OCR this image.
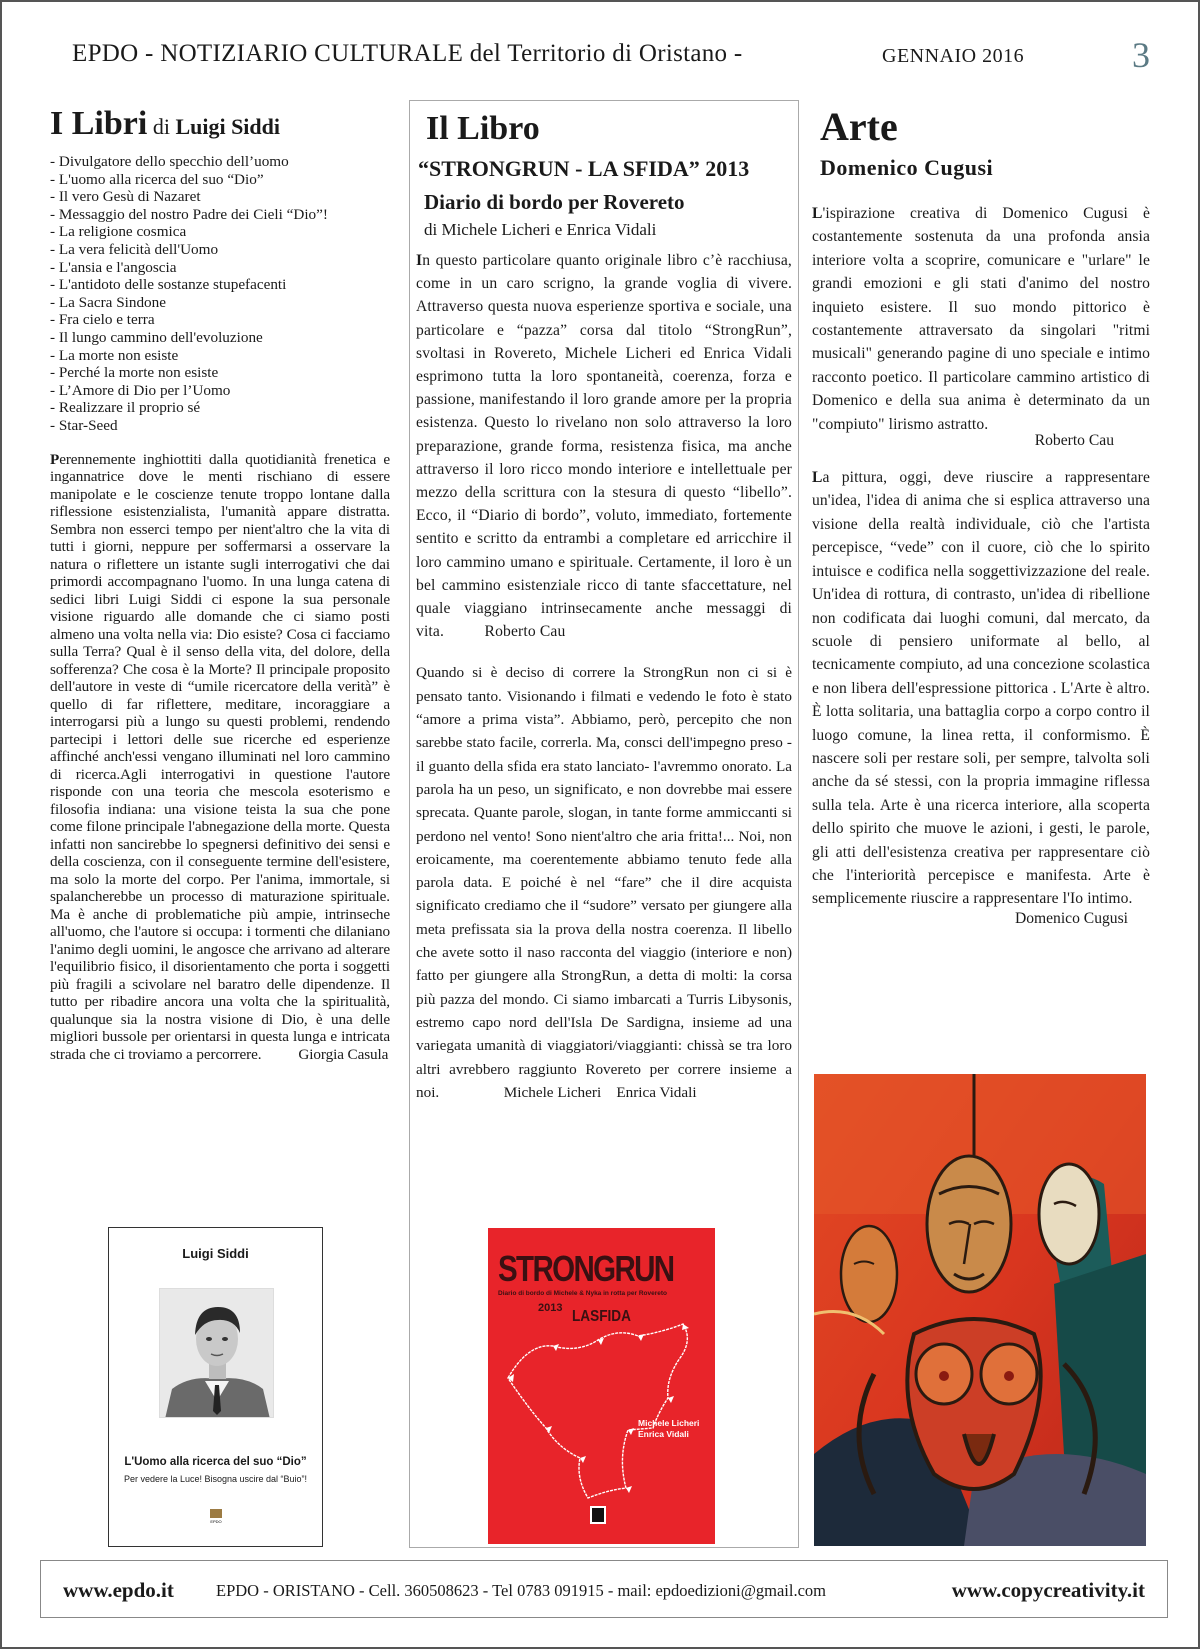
EPDO - NOTIZIARIO CULTURALE del Territorio di Oristano -	GENNAIO 2016	3
I Libri di Luigi Siddi
- Divulgatore dello specchio dell’uomo
- L'uomo alla ricerca del suo “Dio”
- Il vero Gesù di Nazaret
- Messaggio del nostro Padre dei Cieli “Dio”!
- La religione cosmica
- La vera felicità dell'Uomo
- L'ansia e l'angoscia
- L'antidoto delle sostanze stupefacenti
- La Sacra Sindone
- Fra cielo e terra
- Il lungo cammino dell'evoluzione
- La morte non esiste
- Perché la morte non esiste
- L’Amore di Dio per l’Uomo
- Realizzare il proprio sé
- Star-Seed

Perennemente inghiottiti dalla quotidianità frenetica e ingannatrice dove le menti rischiano di essere manipolate e le coscienze tenute troppo lontane dalla riflessione esistenzialista, l'umanità appare distratta. Sembra non esserci tempo per nient'altro che la vita di tutti i giorni, neppure per soffermarsi a osservare la natura o riflettere un istante sugli interrogativi che dai primordi accompagnano l'uomo. In una lunga catena di sedici libri Luigi Siddi ci espone la sua personale visione riguardo alle domande che ci siamo posti almeno una volta nella via: Dio esiste? Cosa ci facciamo sulla Terra? Qual è il senso della vita, del dolore, della sofferenza? Che cosa è la Morte? Il principale proposito dell'autore in veste di “umile ricercatore della verità” è quello di far riflettere, meditare, incoraggiare a interrogarsi più a lungo su questi problemi, rendendo partecipi i lettori delle sue ricerche ed esperienze affinché anch'essi vengano illuminati nel loro cammino di ricerca.Agli interrogativi in questione l'autore risponde con una teoria che mescola esoterismo e filosofia indiana: una visione teista la sua che pone come filone principale l'abnegazione della morte. Questa infatti non sancirebbe lo spegnersi definitivo dei sensi e della coscienza, con il conseguente termine dell'esistere, ma solo la morte del corpo. Per l'anima, immortale, si spalancherebbe un processo di maturazione spirituale. Ma è anche di problematiche più ampie, intrinseche all'uomo, che l'autore si occupa: i tormenti che dilaniano l'animo degli uomini, le angosce che arrivano ad alterare l'equilibrio fisico, il disorientamento che porta i soggetti più fragili a scivolare nel baratro delle dipendenze. Il tutto per ribadire ancora una volta che la spiritualità, qualunque sia la nostra visione di Dio, è una delle migliori bussole per orientarsi in questa lunga e intricata strada che ci troviamo a percorrere. Giorgia Casula

Luigi Siddi
L'Uomo alla ricerca del suo “Dio”
Per vedere la Luce! Bisogna uscire dal “Buio”!
EPDO
Il Libro
“STRONGRUN - LA SFIDA” 2013
Diario di bordo per Rovereto
di Michele Licheri e Enrica Vidali

In questo particolare quanto originale libro c’è racchiusa, come in un caro scrigno, la grande voglia di vivere. Attraverso questa nuova esperienze sportiva e sociale, una particolare e “pazza” corsa dal titolo “StrongRun”, svoltasi in Rovereto, Michele Licheri ed Enrica Vidali esprimono tutta la loro spontaneità, coerenza, forza e passione, manifestando il loro grande amore per la propria esistenza. Questo lo rivelano non solo attraverso la loro preparazione, grande forma, resistenza fisica, ma anche attraverso il loro ricco mondo interiore e intellettuale per mezzo della scrittura con la stesura di questo “libello”. Ecco, il “Diario di bordo”, voluto, immediato, fortemente sentito e scritto da entrambi a completare ed arricchire il loro cammino umano e spirituale. Certamente, il loro è un bel cammino esistenziale ricco di tante sfaccettature, nel quale viaggiano intrinsecamente anche messaggi di vita.	Roberto Cau

Quando si è deciso di correre la StrongRun non ci si è pensato tanto. Visionando i filmati e vedendo le foto è stato “amore a prima vista”. Abbiamo, però, percepito che non sarebbe stato facile, correrla. Ma, consci dell'impegno preso -il guanto della sfida era stato lanciato- l'avremmo onorato. La parola ha un peso, un significato, e non dovrebbe mai essere sprecata. Quante parole, slogan, in tante forme ammiccanti si perdono nel vento! Sono nient'altro che aria fritta!... Noi, non eroicamente, ma coerentemente abbiamo tenuto fede alla parola data. E poiché è nel “fare” che il dire acquista significato crediamo che il “sudore” versato per giungere alla meta prefissata sia la prova della nostra coerenza. Il libello che avete sotto il naso racconta del viaggio (interiore e non) fatto per giungere alla StrongRun, a detta di molti: la corsa più pazza del mondo. Ci siamo imbarcati a Turris Libysonis, estremo capo nord dell'Isla De Sardigna, insieme ad una variegata umanità di viaggiatori/viaggianti: chissà se tra loro altri avrebbero raggiunto Rovereto per correre insieme a noi.	Michele Licheri    Enrica Vidali

STRONGRUN
Diario di bordo di Michele & Nyka in rotta per Rovereto
2013 LASFIDA
Michele Licheri
Enrica Vidali
Arte
Domenico Cugusi

L'ispirazione creativa di Domenico Cugusi è costantemente sostenuta da una profonda ansia interiore volta a scoprire, comunicare e "urlare" le grandi emozioni e gli stati d'animo del nostro inquieto esistere. Il suo mondo pittorico è costantemente attraversato da singolari "ritmi musicali" generando pagine di uno speciale e intimo racconto poetico. Il particolare cammino artistico di Domenico e della sua anima è determinato da un "compiuto" lirismo astratto.

Roberto Cau

La pittura, oggi, deve riuscire a rappresentare un'idea, l'idea di anima che si esplica attraverso una visione della realtà individuale, ciò che l'artista percepisce, “vede” con il cuore, ciò che lo spirito intuisce e codifica nella soggettivizzazione del reale. Un'idea di rottura, di contrasto, un'idea di ribellione non codificata dai luoghi comuni, dal mercato, da scuole di pensiero uniformate al bello, al tecnicamente compiuto, ad una concezione scolastica e non libera dell'espressione pittorica . L'Arte è altro. È lotta solitaria, una battaglia corpo a corpo contro il luogo comune, la linea retta, il conformismo. È nascere soli per restare soli, per sempre, talvolta soli anche da sé stessi, con la propria immagine riflessa sulla tela. Arte è una ricerca interiore, alla scoperta dello spirito che muove le azioni, i gesti, le parole, gli atti dell'esistenza creativa per rappresentare ciò che l'interiorità percepisce e manifesta. Arte è semplicemente riuscire a rappresentare l'Io intimo.

Domenico Cugusi
www.epdo.it	EPDO - ORISTANO - Cell. 360508623 - Tel 0783 091915 - mail: epdoedizioni@gmail.com	www.copycreativity.it
